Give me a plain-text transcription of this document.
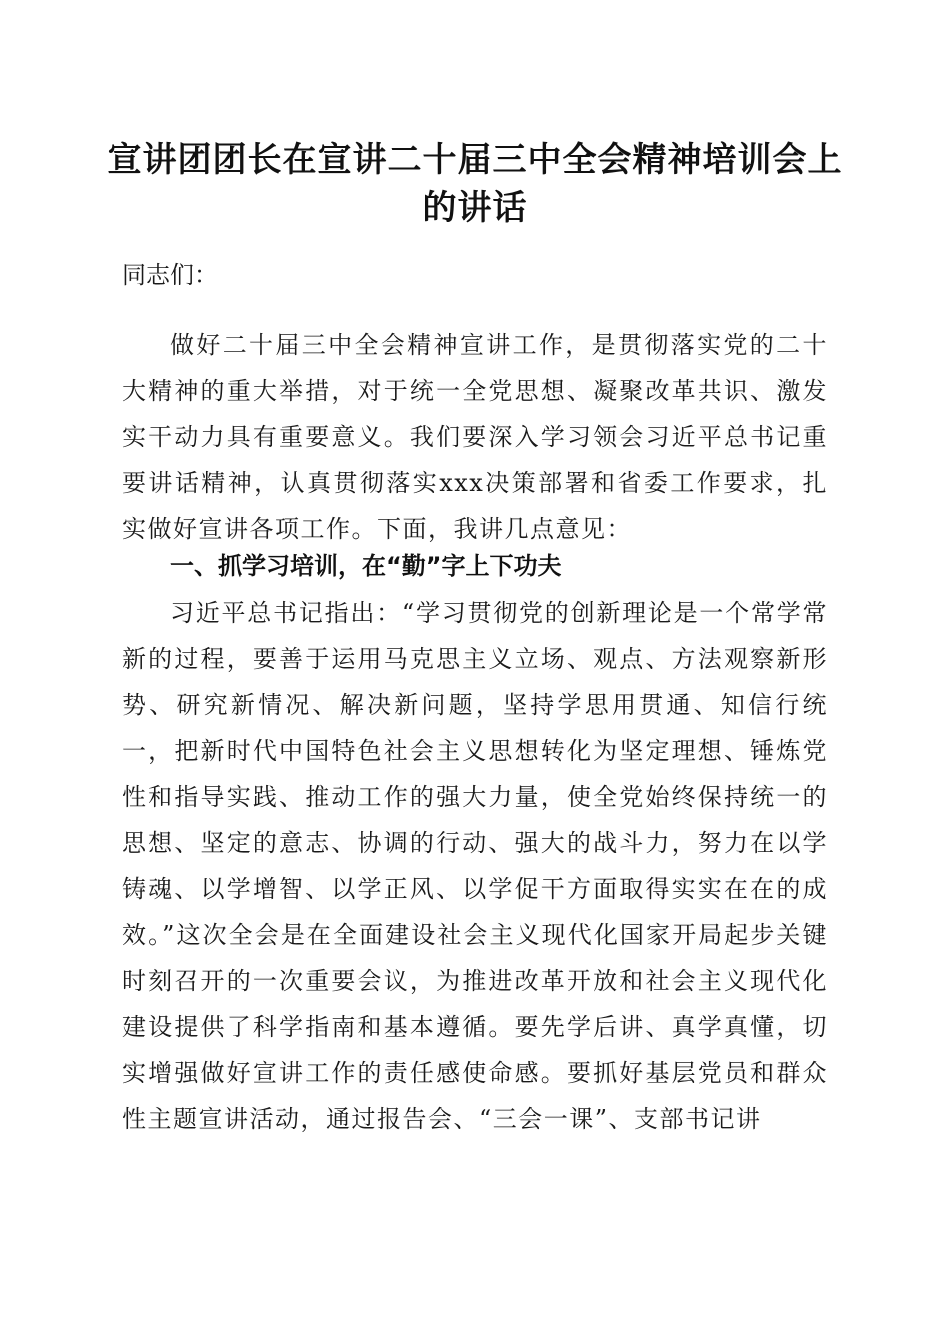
宣讲团团长在宣讲二十届三中全会精神培训会上的讲话
同志们：
做好二十届三中全会精神宣讲工作，是贯彻落实党的二十大精神的重大举措，对于统一全党思想、凝聚改革共识、激发实干动力具有重要意义。我们要深入学习领会习近平总书记重要讲话精神，认真贯彻落实xxx决策部署和省委工作要求，扎实做好宣讲各项工作。下面，我讲几点意见：
一、抓学习培训，在“勤”字上下功夫
习近平总书记指出：“学习贯彻党的创新理论是一个常学常新的过程，要善于运用马克思主义立场、观点、方法观察新形势、研究新情况、解决新问题，坚持学思用贯通、知信行统一，把新时代中国特色社会主义思想转化为坚定理想、锤炼党性和指导实践、推动工作的强大力量，使全党始终保持统一的思想、坚定的意志、协调的行动、强大的战斗力，努力在以学铸魂、以学增智、以学正风、以学促干方面取得实实在在的成效。”这次全会是在全面建设社会主义现代化国家开局起步关键时刻召开的一次重要会议，为推进改革开放和社会主义现代化建设提供了科学指南和基本遵循。要先学后讲、真学真懂，切实增强做好宣讲工作的责任感使命感。要抓好基层党员和群众性主题宣讲活动，通过报告会、“三会一课”、支部书记讲
